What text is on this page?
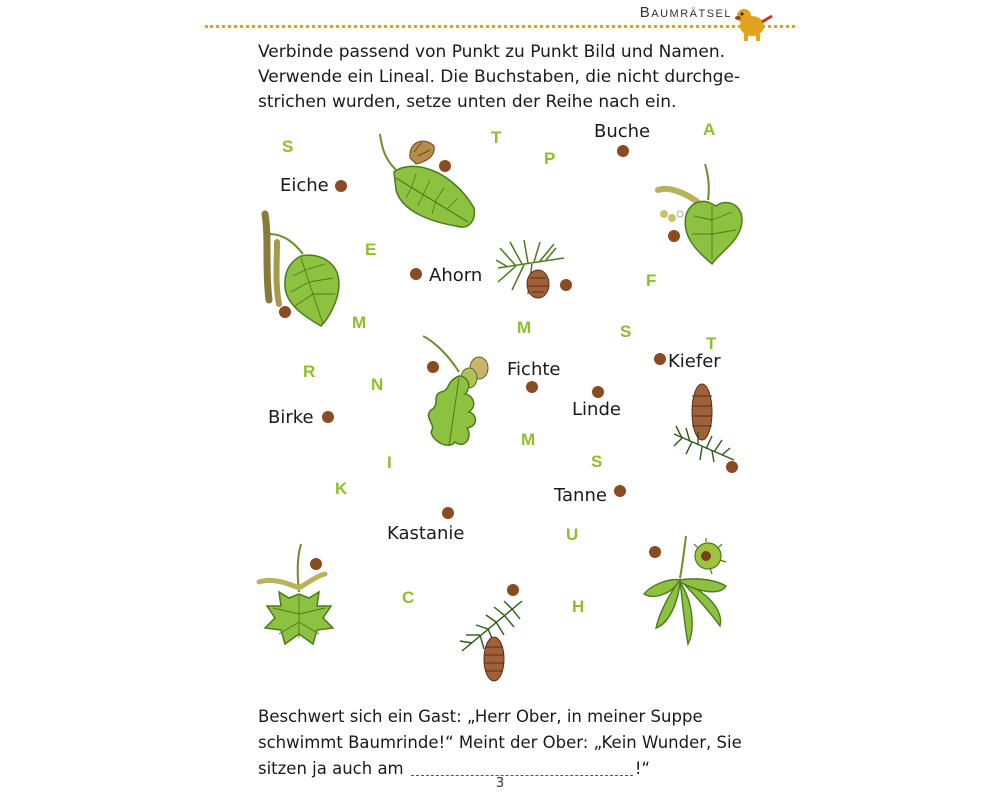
Baumrätsel
Verbinde passend von Punkt zu Punkt Bild und Namen.
Verwende ein Lineal. Die Buchstaben, die nicht durchge-
strichen wurden, setze unten der Reihe nach ein.
Buche
Eiche
Ahorn
Kiefer
Fichte
Linde
Birke
Tanne
Kastanie
S	T
P
A
E
F
M	M	S
T
R
N
K
I
M
S
U
C	H
Beschwert sich ein Gast: „Herr Ober, in meiner Suppe
schwimmt Baumrinde!“ Meint der Ober: „Kein Wunder, Sie
sitzen ja auch am	!“
3
